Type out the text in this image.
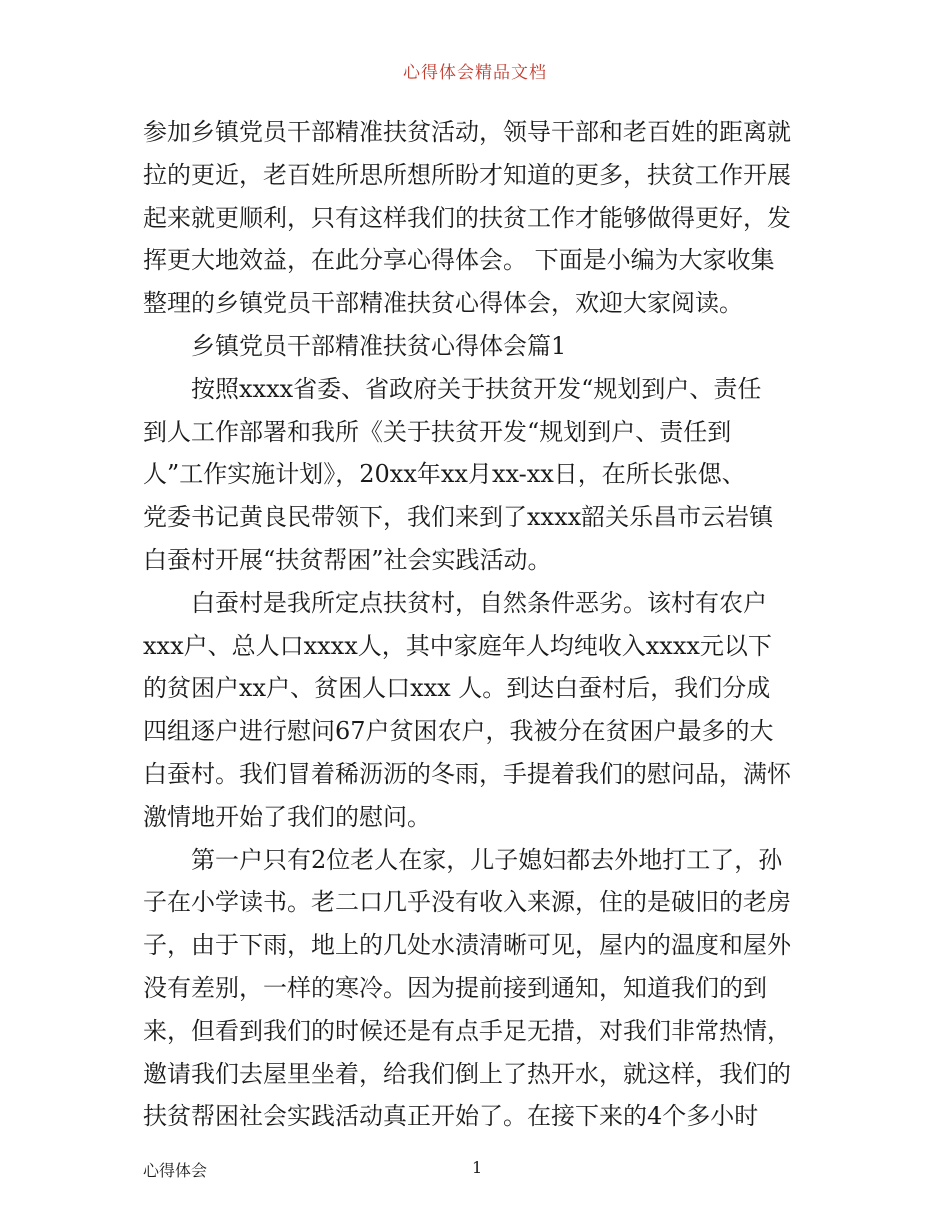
心得体会精品文档
参加乡镇党员干部精准扶贫活动，领导干部和老百姓的距离就
拉的更近，老百姓所思所想所盼才知道的更多，扶贫工作开展
起来就更顺利，只有这样我们的扶贫工作才能够做得更好，发
挥更大地效益，在此分享心得体会。 下面是小编为大家收集
整理的乡镇党员干部精准扶贫心得体会，欢迎大家阅读。
乡镇党员干部精准扶贫心得体会篇1
按照xxxx省委、省政府关于扶贫开发“规划到户、责任
到人工作部署和我所《关于扶贫开发“规划到户、责任到
人”工作实施计划》，20xx年xx月xx-xx日，在所长张偲、
党委书记黄良民带领下，我们来到了xxxx韶关乐昌市云岩镇
白蚕村开展“扶贫帮困”社会实践活动。
白蚕村是我所定点扶贫村，自然条件恶劣。该村有农户
xxx户、总人口xxxx人，其中家庭年人均纯收入xxxx元以下
的贫困户xx户、贫困人口xxx 人。到达白蚕村后，我们分成
四组逐户进行慰问67户贫困农户，我被分在贫困户最多的大
白蚕村。我们冒着稀沥沥的冬雨，手提着我们的慰问品，满怀
激情地开始了我们的慰问。
第一户只有2位老人在家，儿子媳妇都去外地打工了，孙
子在小学读书。老二口几乎没有收入来源，住的是破旧的老房
子，由于下雨，地上的几处水渍清晰可见，屋内的温度和屋外
没有差别，一样的寒冷。因为提前接到通知，知道我们的到
来，但看到我们的时候还是有点手足无措，对我们非常热情，
邀请我们去屋里坐着，给我们倒上了热开水，就这样，我们的
扶贫帮困社会实践活动真正开始了。在接下来的4个多小时
心得体会	1
